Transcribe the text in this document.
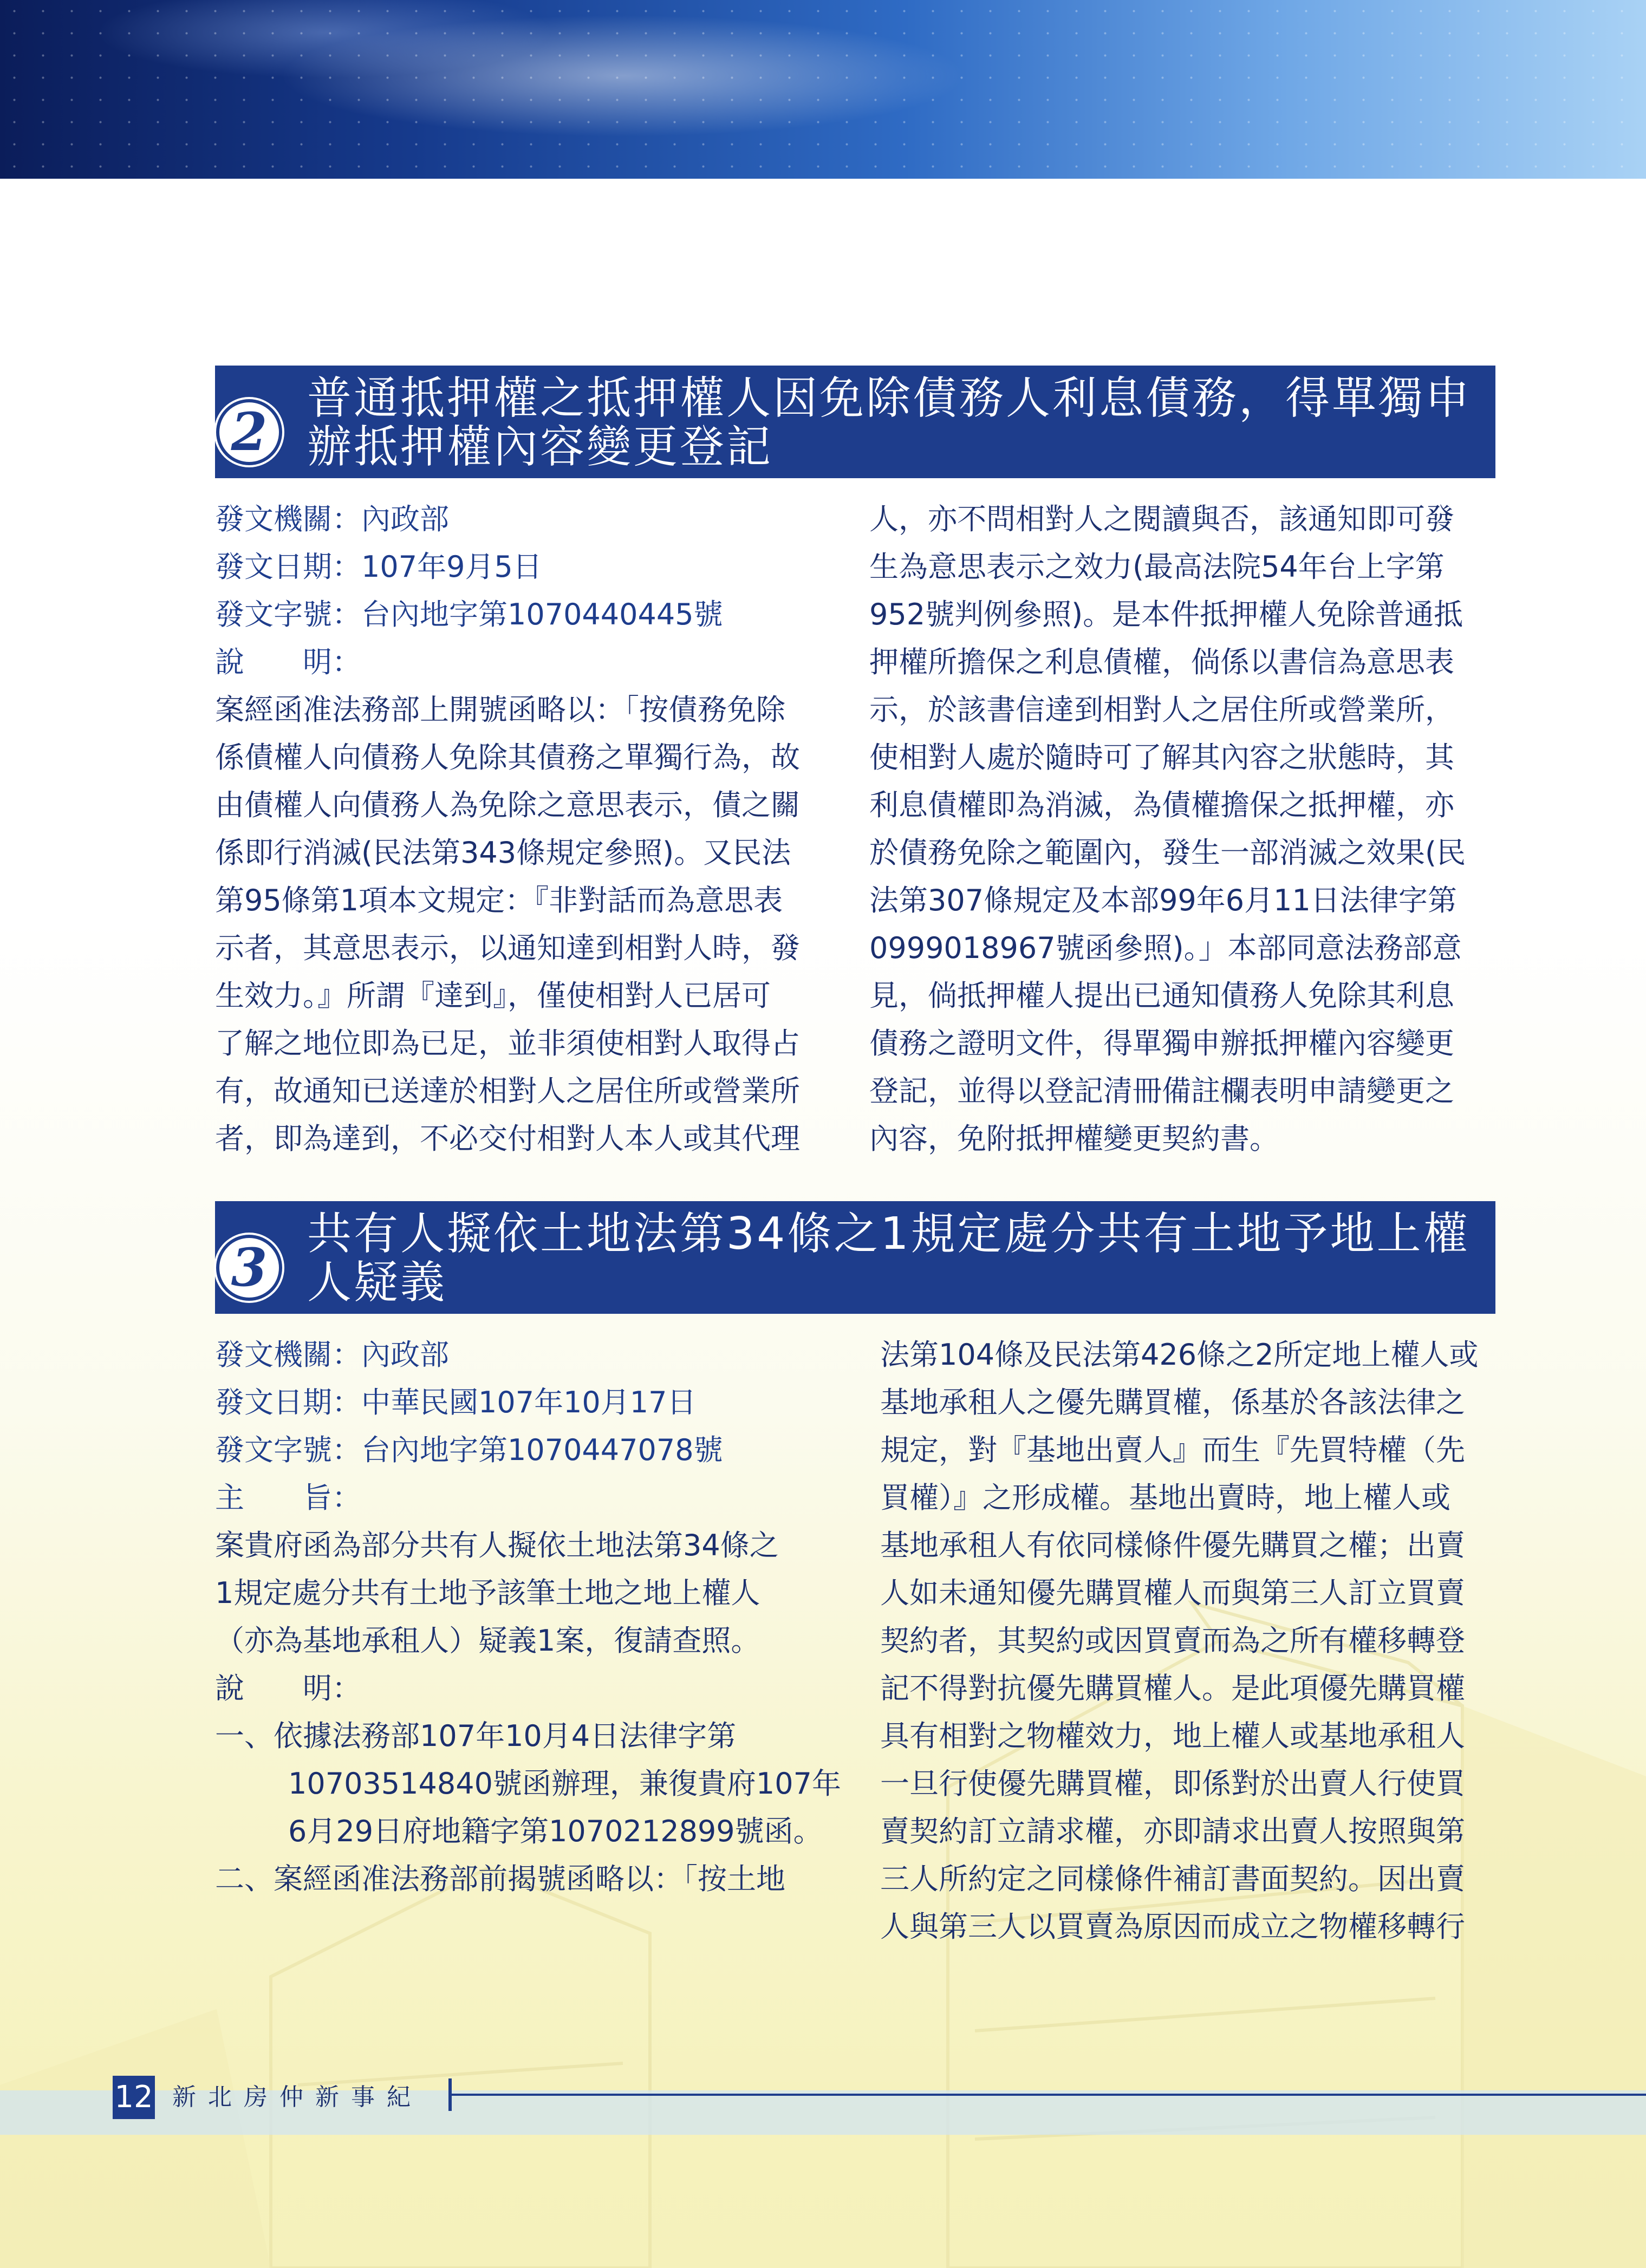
2
普通抵押權之抵押權人因免除債務人利息債務，得單獨申
辦抵押權內容變更登記

發文機關：內政部

發文日期：107年9月5日

發文字號：台內地字第1070440445號

說　　明：

案經函准法務部上開號函略以：「按債務免除

係債權人向債務人免除其債務之單獨行為，故

由債權人向債務人為免除之意思表示，債之關

係即行消滅(民法第343條規定參照)。又民法

第95條第1項本文規定：『非對話而為意思表

示者，其意思表示，以通知達到相對人時，發

生效力。』所謂『達到』，僅使相對人已居可

了解之地位即為已足，並非須使相對人取得占

有，故通知已送達於相對人之居住所或營業所

者，即為達到，不必交付相對人本人或其代理

人，亦不問相對人之閱讀與否，該通知即可發

生為意思表示之效力(最高法院54年台上字第

952號判例參照)。是本件抵押權人免除普通抵

押權所擔保之利息債權，倘係以書信為意思表

示，於該書信達到相對人之居住所或營業所，

使相對人處於隨時可了解其內容之狀態時，其

利息債權即為消滅，為債權擔保之抵押權，亦

於債務免除之範圍內，發生一部消滅之效果(民

法第307條規定及本部99年6月11日法律字第

0999018967號函參照)。」本部同意法務部意

見，倘抵押權人提出已通知債務人免除其利息

債務之證明文件，得單獨申辦抵押權內容變更

登記，並得以登記清冊備註欄表明申請變更之

內容，免附抵押權變更契約書。

3
共有人擬依土地法第34條之1規定處分共有土地予地上權
人疑義

發文機關：內政部

發文日期：中華民國107年10月17日

發文字號：台內地字第1070447078號

主　　旨：

案貴府函為部分共有人擬依土地法第34條之

1規定處分共有土地予該筆土地之地上權人

（亦為基地承租人）疑義1案，復請查照。

說　　明：

一、依據法務部107年10月4日法律字第

10703514840號函辦理，兼復貴府107年

6月29日府地籍字第1070212899號函。

二、案經函准法務部前揭號函略以：「按土地

法第104條及民法第426條之2所定地上權人或

基地承租人之優先購買權，係基於各該法律之

規定，對『基地出賣人』而生『先買特權（先

買權）』之形成權。基地出賣時，地上權人或

基地承租人有依同樣條件優先購買之權；出賣

人如未通知優先購買權人而與第三人訂立買賣

契約者，其契約或因買賣而為之所有權移轉登

記不得對抗優先購買權人。是此項優先購買權

具有相對之物權效力，地上權人或基地承租人

一旦行使優先購買權，即係對於出賣人行使買

賣契約訂立請求權，亦即請求出賣人按照與第

三人所約定之同樣條件補訂書面契約。因出賣

人與第三人以買賣為原因而成立之物權移轉行

12 新北房仲新事紀
